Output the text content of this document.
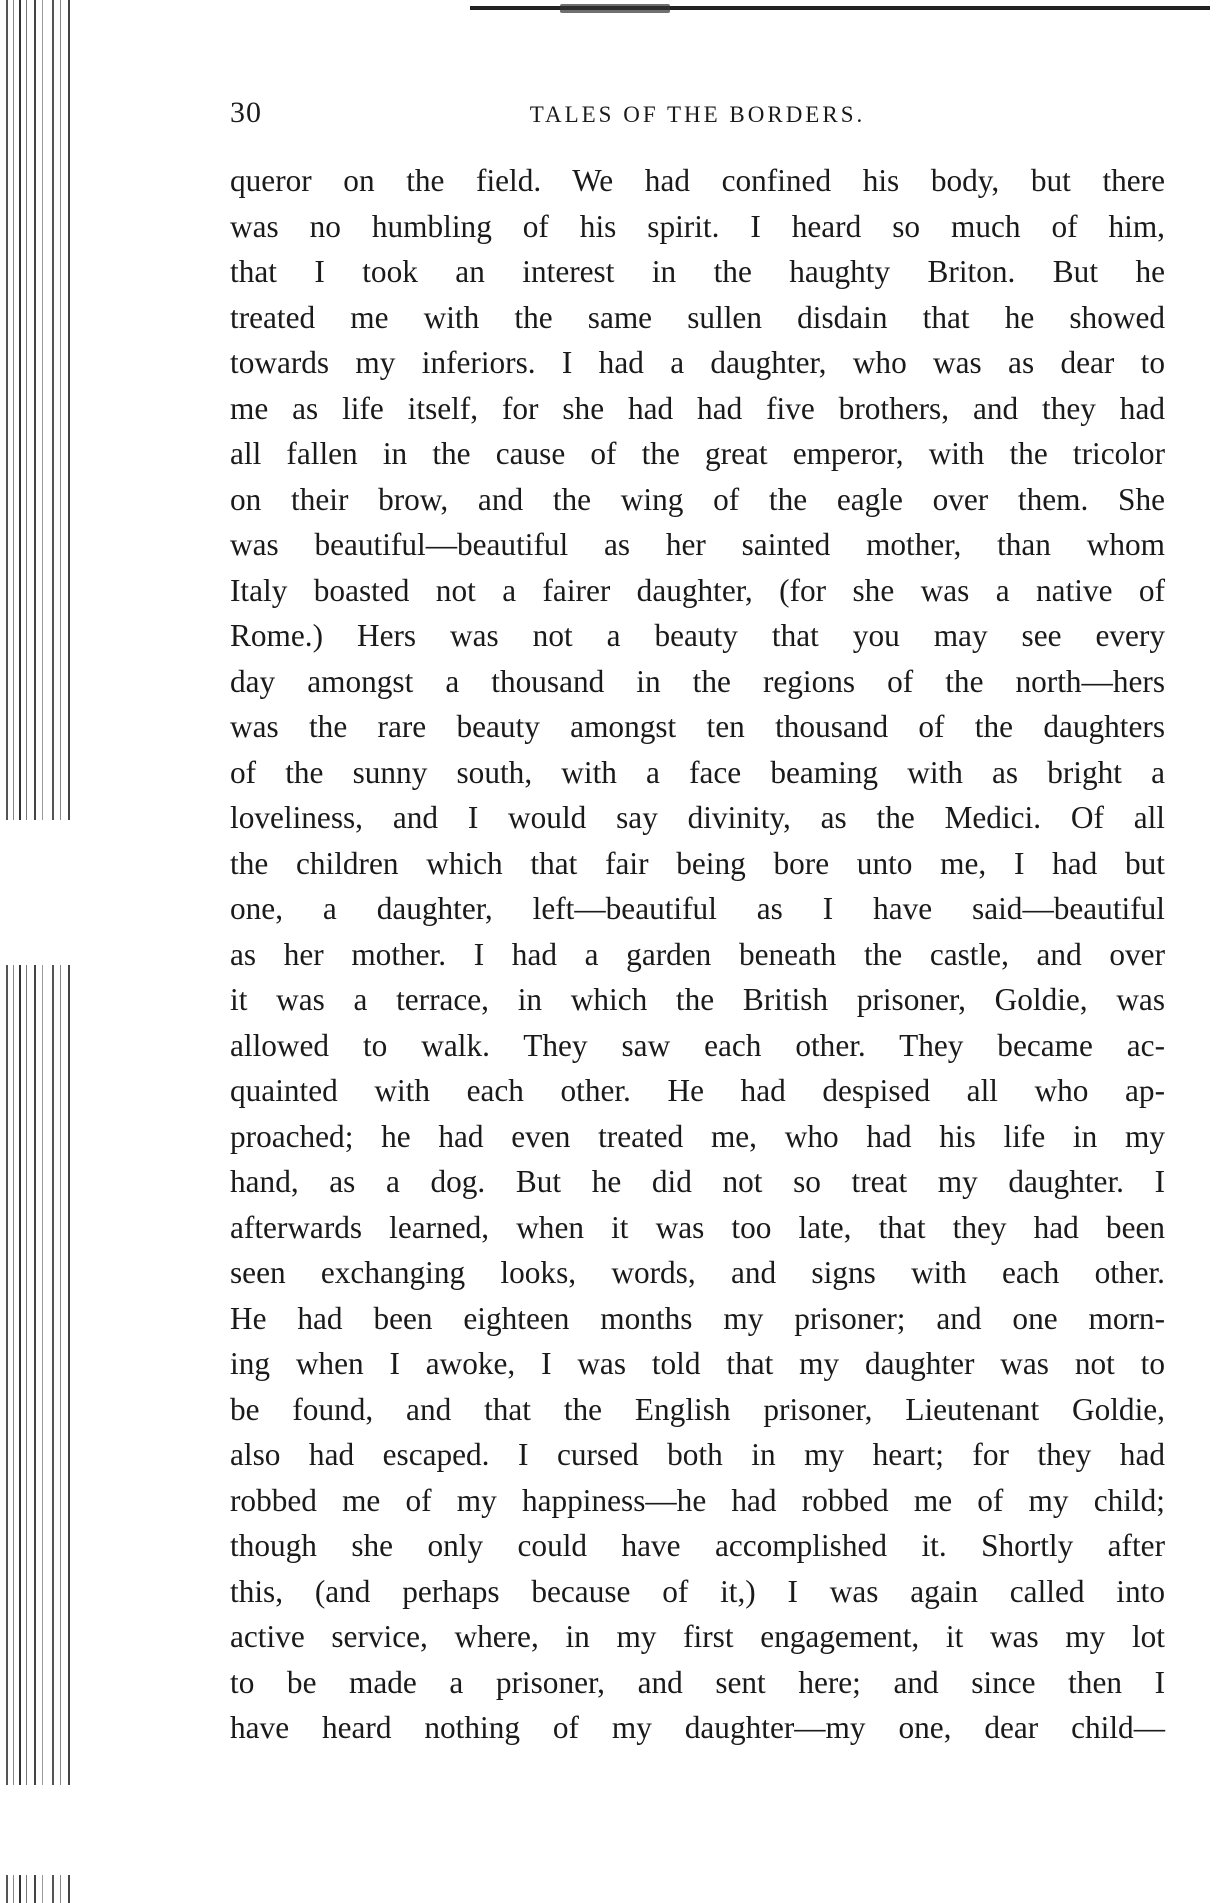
30	TALES OF THE BORDERS.

queror on the field. We had confined his body, but there
was no humbling of his spirit. I heard so much of him,
that I took an interest in the haughty Briton. But he
treated me with the same sullen disdain that he showed
towards my inferiors. I had a daughter, who was as dear to
me as life itself, for she had had five brothers, and they had
all fallen in the cause of the great emperor, with the tricolor
on their brow, and the wing of the eagle over them. She
was beautiful—beautiful as her sainted mother, than whom
Italy boasted not a fairer daughter, (for she was a native of
Rome.) Hers was not a beauty that you may see every
day amongst a thousand in the regions of the north—hers
was the rare beauty amongst ten thousand of the daughters
of the sunny south, with a face beaming with as bright a
loveliness, and I would say divinity, as the Medici. Of all
the children which that fair being bore unto me, I had but
one, a daughter, left—beautiful as I have said—beautiful
as her mother. I had a garden beneath the castle, and over
it was a terrace, in which the British prisoner, Goldie, was
allowed to walk. They saw each other. They became ac-
quainted with each other. He had despised all who ap-
proached; he had even treated me, who had his life in my
hand, as a dog. But he did not so treat my daughter. I
afterwards learned, when it was too late, that they had been
seen exchanging looks, words, and signs with each other.
He had been eighteen months my prisoner; and one morn-
ing when I awoke, I was told that my daughter was not to
be found, and that the English prisoner, Lieutenant Goldie,
also had escaped. I cursed both in my heart; for they had
robbed me of my happiness—he had robbed me of my child;
though she only could have accomplished it. Shortly after
this, (and perhaps because of it,) I was again called into
active service, where, in my first engagement, it was my lot
to be made a prisoner, and sent here; and since then I
have heard nothing of my daughter—my one, dear child—
